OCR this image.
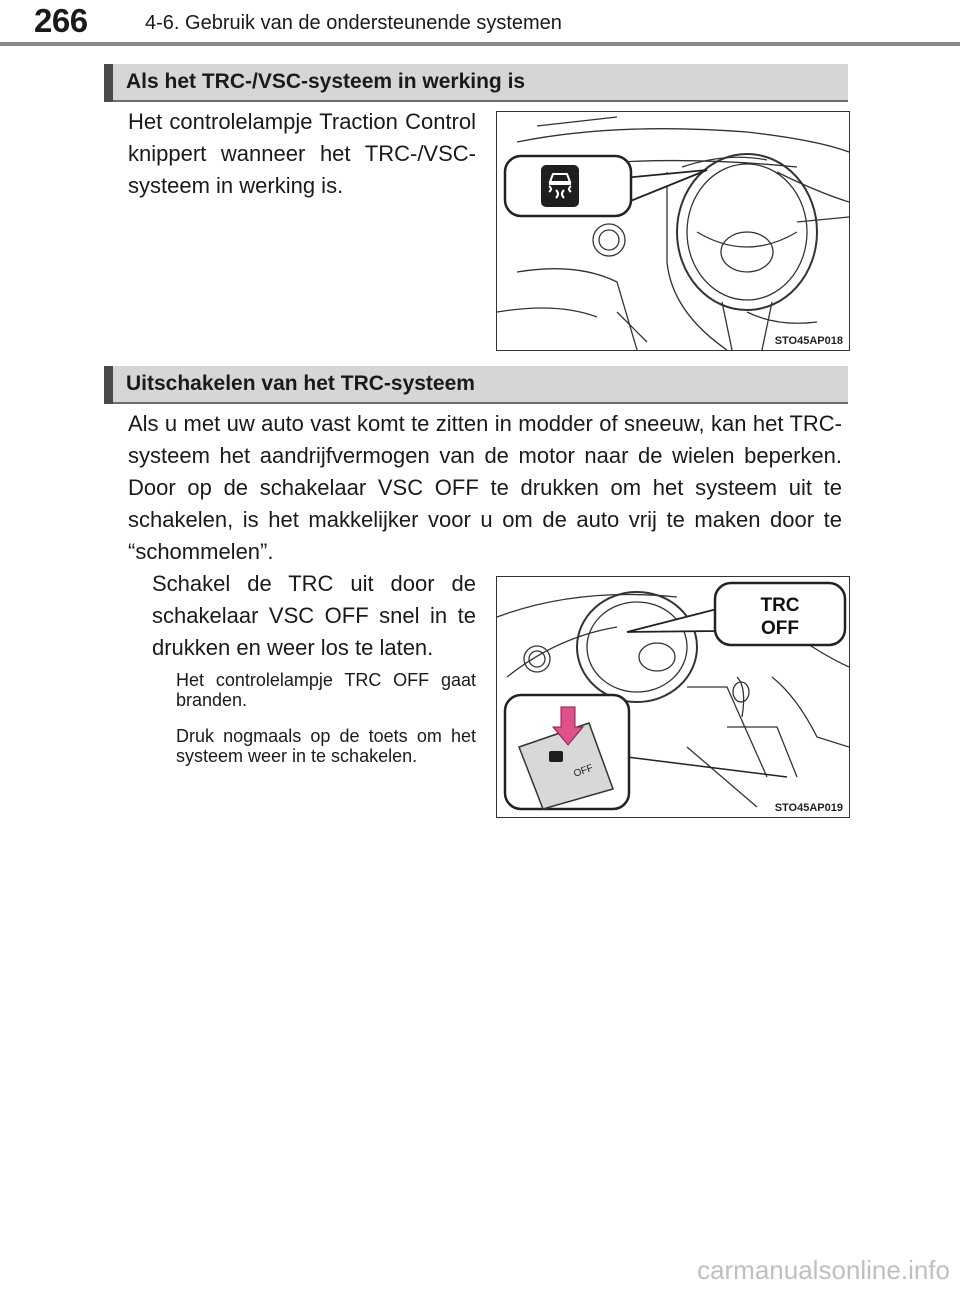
266	4-6. Gebruik van de ondersteunende systemen
Als het TRC-/VSC-systeem in werking is

Het controlelampje Traction Control knippert wanneer het TRC-/VSC-systeem in werking is.

STO45AP018
Uitschakelen van het TRC-systeem

Als u met uw auto vast komt te zitten in modder of sneeuw, kan het TRC-systeem het aandrijfvermogen van de motor naar de wielen beperken. Door op de schakelaar VSC OFF te drukken om het systeem uit te schakelen, is het makkelijker voor u om de auto vrij te maken door te “schommelen”.

Schakel de TRC uit door de schakelaar VSC OFF snel in te drukken en weer los te laten.

Het controlelampje TRC OFF gaat branden.

Druk nogmaals op de toets om het systeem weer in te schakelen.

TRC
OFF
OFF
STO45AP019
carmanualsonline.info
